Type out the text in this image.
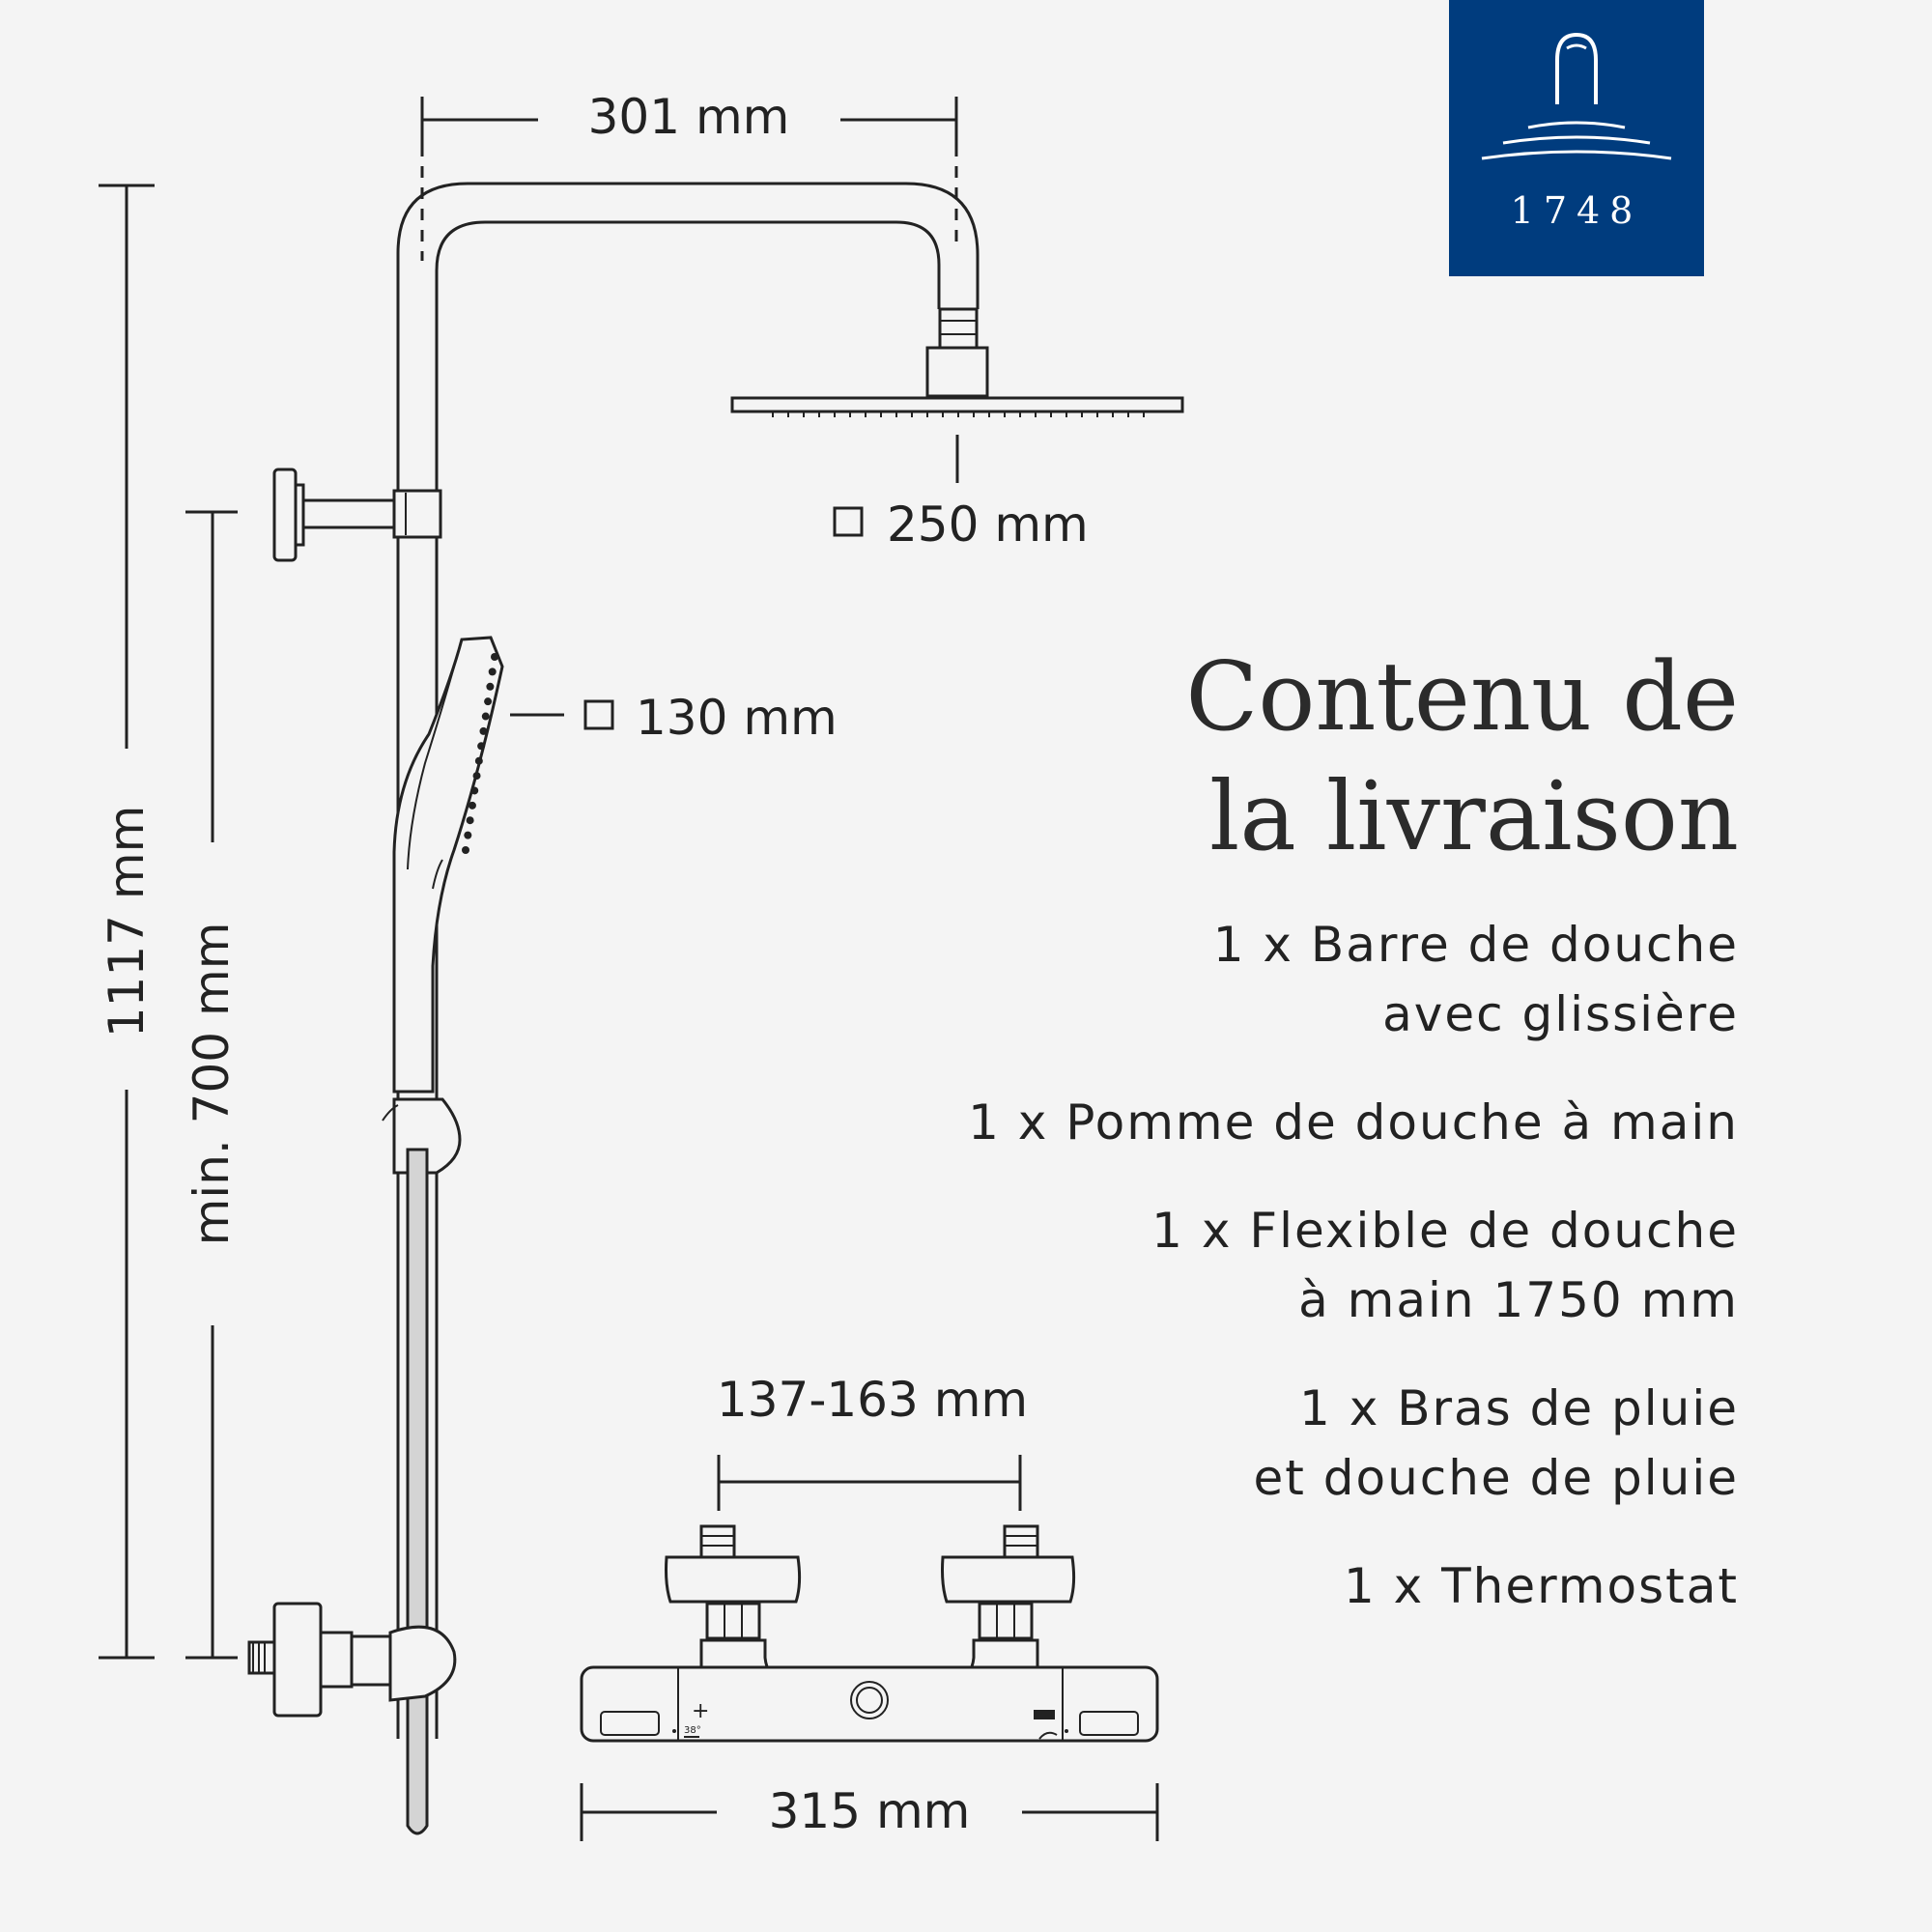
301 mm
1117 mm
min. 700 mm
250 mm
130 mm
137-163 mm
+
38°
315 mm
1748
Contenu de
la livraison
1 x Barre de douche
avec glissière
1 x Pomme de douche à main
1 x Flexible de douche
à main 1750 mm
1 x Bras de pluie
et douche de pluie
1 x Thermostat
